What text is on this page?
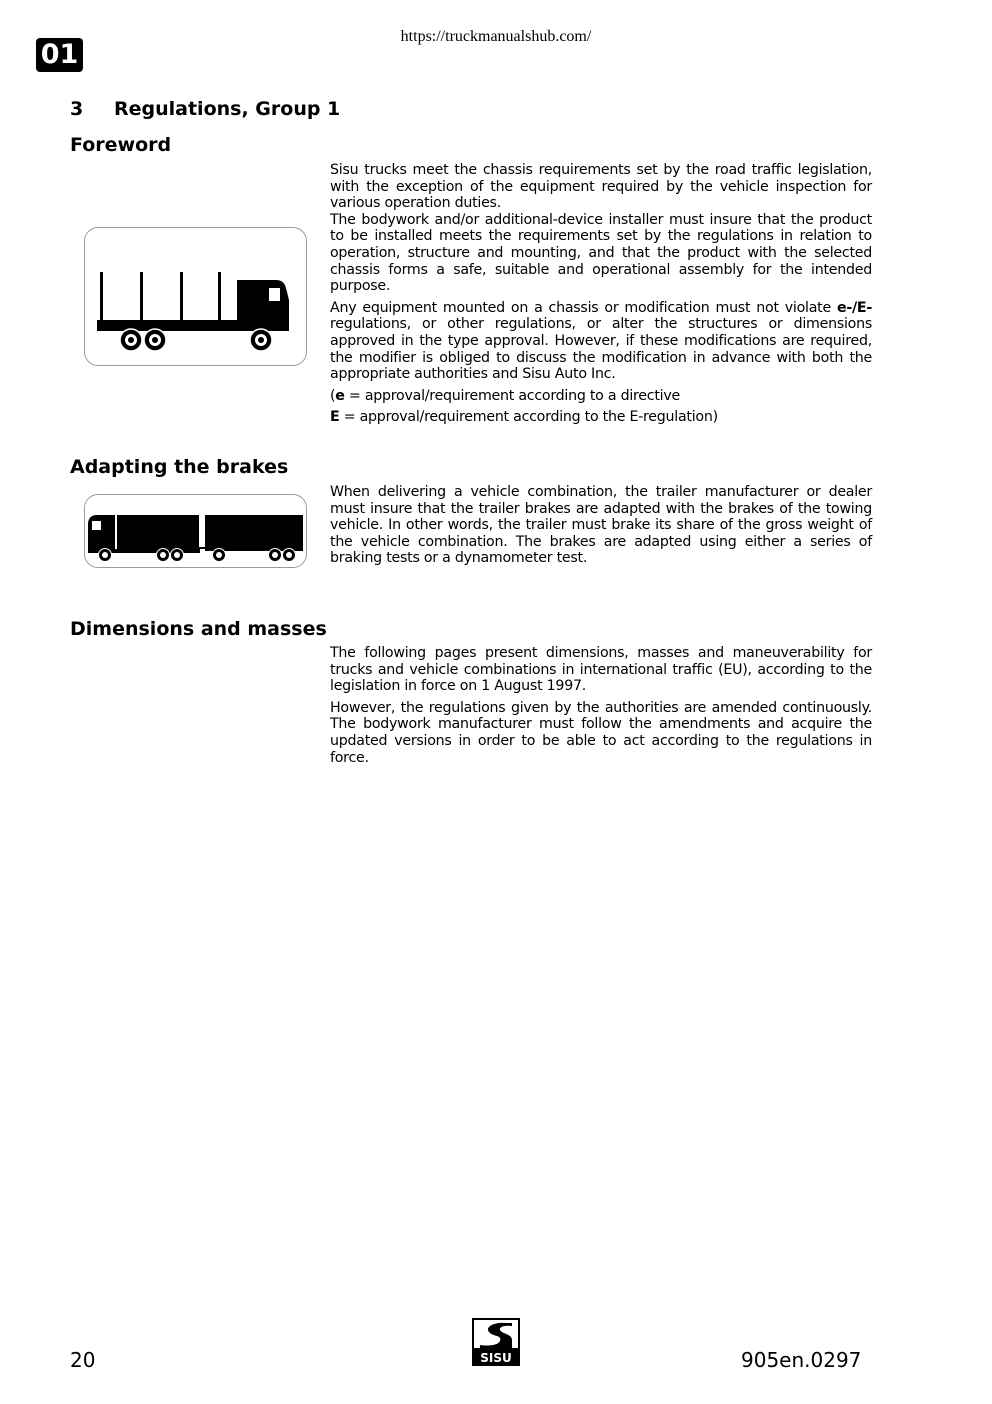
https://truckmanualshub.com/
01
3 Regulations, Group 1
Foreword

Sisu trucks meet the chassis requirements set by the road traffic legislation, with the exception of the equipment required by the vehicle inspection for various operation duties.

The bodywork and/or additional-device installer must insure that the product to be installed meets the requirements set by the regulations in relation to operation, structure and mounting, and that the product with the selected chassis forms a safe, suitable and operational assembly for the intended purpose.

Any equipment mounted on a chassis or modification must not violate e-/E-regulations, or other regulations, or alter the structures or dimensions approved in the type approval. However, if these modifications are required, the modifier is obliged to discuss the modification in advance with both the appropriate authorities and Sisu Auto Inc.

(e = approval/requirement according to a directive

E = approval/requirement according to the E-regulation)

Adapting the brakes

When delivering a vehicle combination, the trailer manufacturer or dealer must insure that the trailer brakes are adapted with the brakes of the towing vehicle. In other words, the trailer must brake its share of the gross weight of the vehicle combination. The brakes are adapted using either a series of braking tests or a dynamometer test.

Dimensions and masses

The following pages present dimensions, masses and maneuverability for trucks and vehicle combinations in international traffic (EU), according to the legislation in force on 1 August 1997.

However, the regulations given by the authorities are amended continuously. The bodywork manufacturer must follow the amendments and acquire the updated versions in order to be able to act according to the regulations in force.

20	SISU	905en.0297
